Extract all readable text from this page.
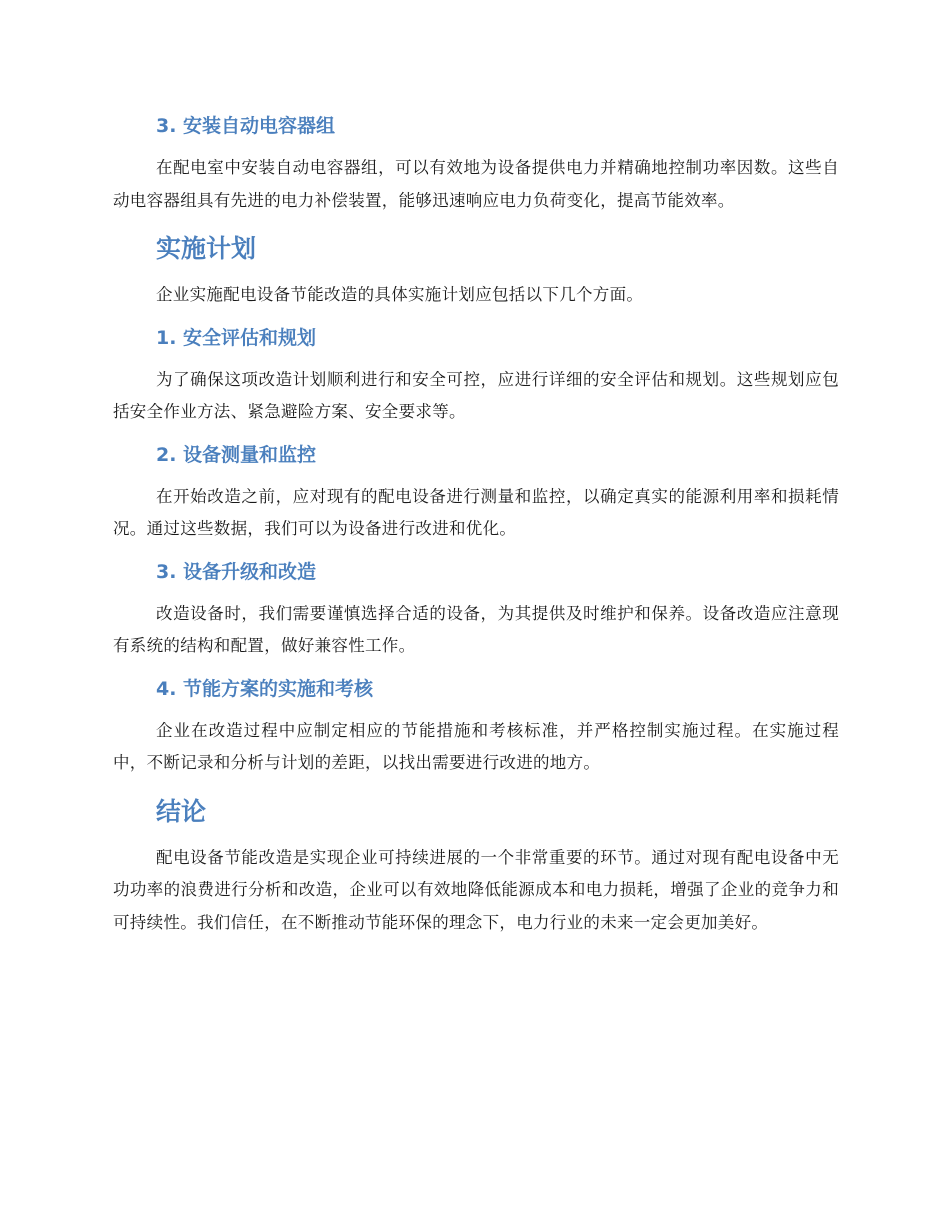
3. 安装自动电容器组

在配电室中安装自动电容器组，可以有效地为设备提供电力并精确地控制功率因数。这些自动电容器组具有先进的电力补偿装置，能够迅速响应电力负荷变化，提高节能效率。

实施计划

企业实施配电设备节能改造的具体实施计划应包括以下几个方面。

1. 安全评估和规划

为了确保这项改造计划顺利进行和安全可控，应进行详细的安全评估和规划。这些规划应包括安全作业方法、紧急避险方案、安全要求等。

2. 设备测量和监控

在开始改造之前，应对现有的配电设备进行测量和监控，以确定真实的能源利用率和损耗情况。通过这些数据，我们可以为设备进行改进和优化。

3. 设备升级和改造

改造设备时，我们需要谨慎选择合适的设备，为其提供及时维护和保养。设备改造应注意现有系统的结构和配置，做好兼容性工作。

4. 节能方案的实施和考核

企业在改造过程中应制定相应的节能措施和考核标准，并严格控制实施过程。在实施过程中，不断记录和分析与计划的差距，以找出需要进行改进的地方。

结论

配电设备节能改造是实现企业可持续进展的一个非常重要的环节。通过对现有配电设备中无功功率的浪费进行分析和改造，企业可以有效地降低能源成本和电力损耗，增强了企业的竞争力和可持续性。我们信任，在不断推动节能环保的理念下，电力行业的未来一定会更加美好。
